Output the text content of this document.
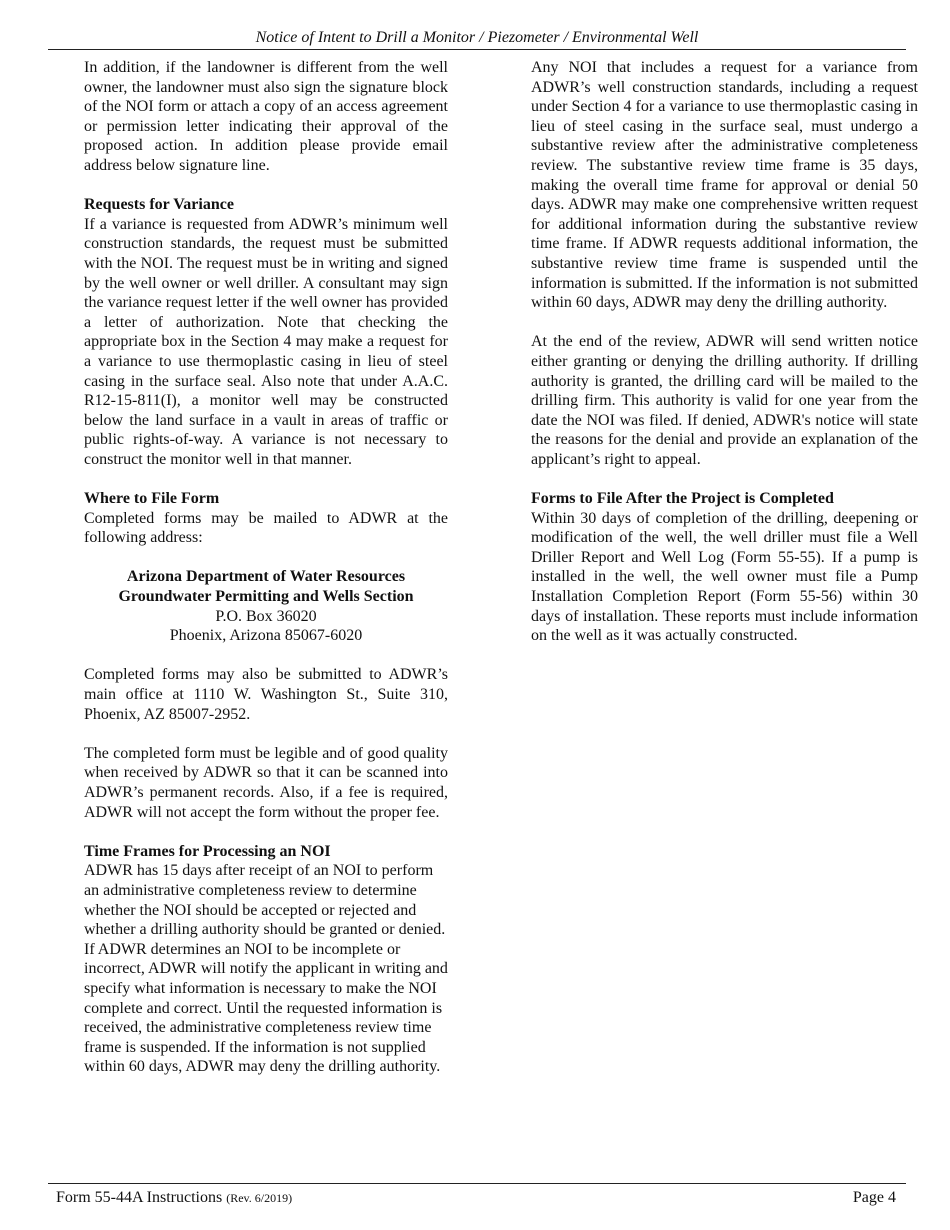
Notice of Intent to Drill a Monitor / Piezometer / Environmental Well

In addition, if the landowner is different from the well owner, the landowner must also sign the signature block of the NOI form or attach a copy of an access agreement or permission letter indicating their approval of the proposed action. In addition please provide email address below signature line.

Requests for Variance

If a variance is requested from ADWR’s minimum well construction standards, the request must be submitted with the NOI. The request must be in writing and signed by the well owner or well driller. A consultant may sign the variance request letter if the well owner has provided a letter of authorization. Note that checking the appropriate box in the Section 4 may make a request for a variance to use thermoplastic casing in lieu of steel casing in the surface seal. Also note that under A.A.C. R12-15-811(I), a monitor well may be constructed below the land surface in a vault in areas of traffic or public rights-of-way. A variance is not necessary to construct the monitor well in that manner.

Where to File Form

Completed forms may be mailed to ADWR at the following address:

Arizona Department of Water Resources
Groundwater Permitting and Wells Section
P.O. Box 36020
Phoenix, Arizona 85067-6020

Completed forms may also be submitted to ADWR’s main office at 1110 W. Washington St., Suite 310, Phoenix, AZ 85007-2952.

The completed form must be legible and of good quality when received by ADWR so that it can be scanned into ADWR’s permanent records. Also, if a fee is required, ADWR will not accept the form without the proper fee.

Time Frames for Processing an NOI

ADWR has 15 days after receipt of an NOI to perform an administrative completeness review to determine whether the NOI should be accepted or rejected and whether a drilling authority should be granted or denied. If ADWR determines an NOI to be incomplete or incorrect, ADWR will notify the applicant in writing and specify what information is necessary to make the NOI complete and correct. Until the requested information is received, the administrative completeness review time frame is suspended. If the information is not supplied within 60 days, ADWR may deny the drilling authority.

Any NOI that includes a request for a variance from ADWR’s well construction standards, including a request under Section 4 for a variance to use thermoplastic casing in lieu of steel casing in the surface seal, must undergo a substantive review after the administrative completeness review. The substantive review time frame is 35 days, making the overall time frame for approval or denial 50 days. ADWR may make one comprehensive written request for additional information during the substantive review time frame. If ADWR requests additional information, the substantive review time frame is suspended until the information is submitted. If the information is not submitted within 60 days, ADWR may deny the drilling authority.

At the end of the review, ADWR will send written notice either granting or denying the drilling authority. If drilling authority is granted, the drilling card will be mailed to the drilling firm. This authority is valid for one year from the date the NOI was filed. If denied, ADWR's notice will state the reasons for the denial and provide an explanation of the applicant’s right to appeal.

Forms to File After the Project is Completed

Within 30 days of completion of the drilling, deepening or modification of the well, the well driller must file a Well Driller Report and Well Log (Form 55-55). If a pump is installed in the well, the well owner must file a Pump Installation Completion Report (Form 55-56) within 30 days of installation. These reports must include information on the well as it was actually constructed.

Form 55-44A Instructions (Rev. 6/2019)	Page 4
